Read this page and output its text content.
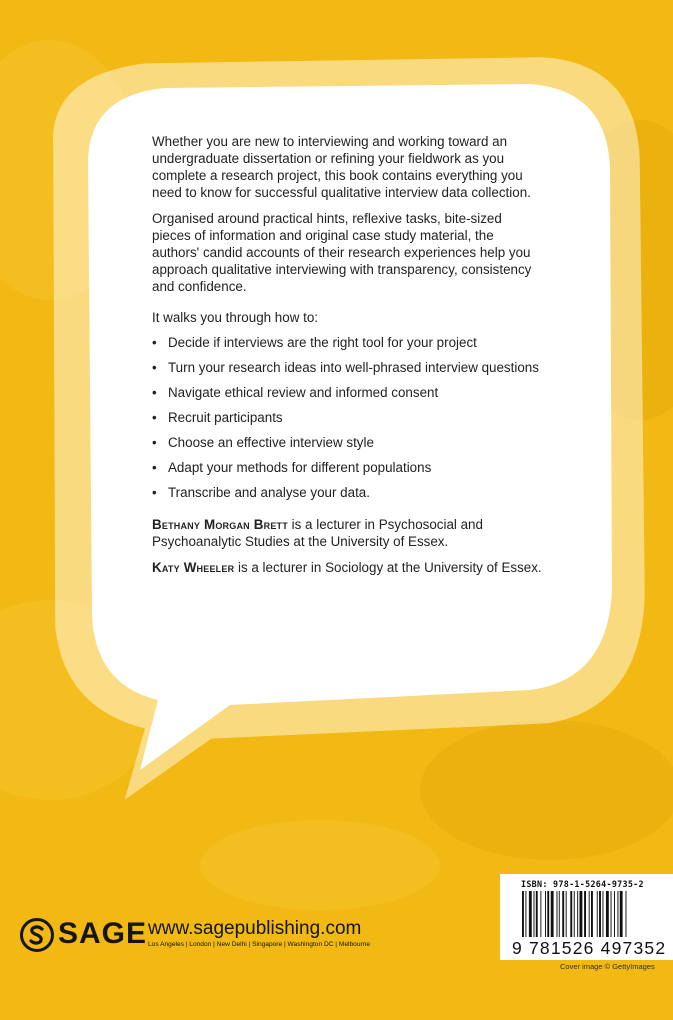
Whether you are new to interviewing and working toward an undergraduate dissertation or refining your fieldwork as you complete a research project, this book contains everything you need to know for successful qualitative interview data collection.

Organised around practical hints, reflexive tasks, bite-sized pieces of information and original case study material, the authors' candid accounts of their research experiences help you approach qualitative interviewing with transparency, consistency and confidence.

It walks you through how to:

• Decide if interviews are the right tool for your project
• Turn your research ideas into well-phrased interview questions
• Navigate ethical review and informed consent
• Recruit participants
• Choose an effective interview style
• Adapt your methods for different populations
• Transcribe and analyse your data.

Bethany Morgan Brett is a lecturer in Psychosocial and Psychoanalytic Studies at the University of Essex.

Katy Wheeler is a lecturer in Sociology at the University of Essex.

SAGE www.sagepublishing.com
Los Angeles | London | New Delhi | Singapore | Washington DC | Melbourne
ISBN: 978-1-5264-9735-2
9 781526 497352
Cover image © GettyImages
